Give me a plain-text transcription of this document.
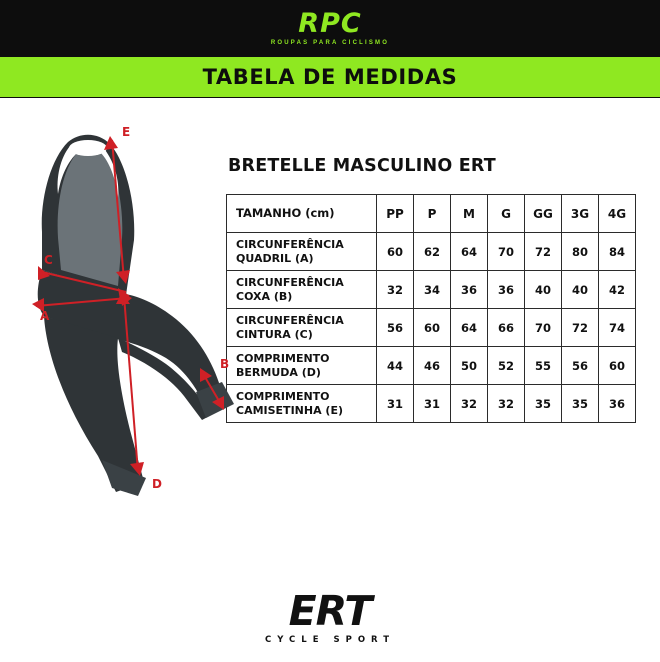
RPC
ROUPAS PARA CICLISMO
TABELA DE MEDIDAS
E
C
A
D
B
BRETELLE MASCULINO ERT
TAMANHO (cm)	PP	P	M	G	GG	3G	4G
CIRCUNFERÊNCIA
QUADRIL (A)	60	62	64	70	72	80	84
CIRCUNFERÊNCIA
COXA (B)	32	34	36	36	40	40	42
CIRCUNFERÊNCIA
CINTURA (C)	56	60	64	66	70	72	74
COMPRIMENTO
BERMUDA (D)	44	46	50	52	55	56	60
COMPRIMENTO
CAMISETINHA (E)	31	31	32	32	35	35	36
ERT
CYCLE SPORT
